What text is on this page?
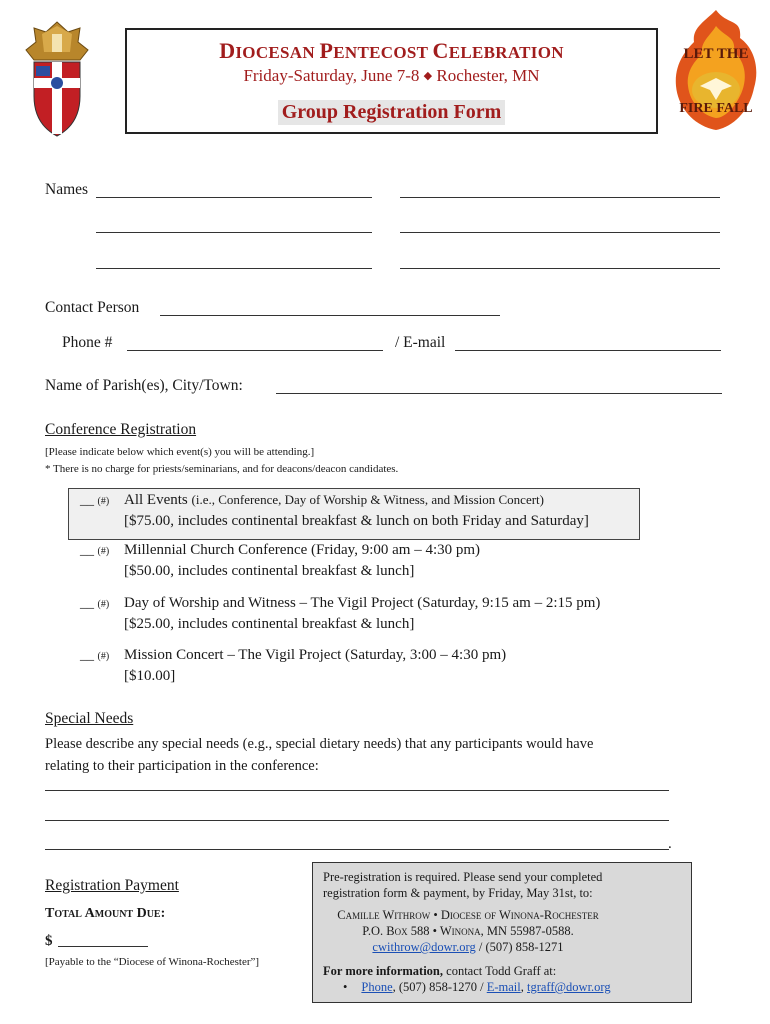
DIOCESAN PENTECOST CELEBRATION
Friday-Saturday, June 7-8 ◆ Rochester, MN
Group Registration Form
LET THE
FIRE FALL
Names
Contact Person
Phone #	/ E-mail
Name of Parish(es), City/Town:
Conference Registration
[Please indicate below which event(s) you will be attending.]
* There is no charge for priests/seminarians, and for deacons/deacon candidates.
__ (#) All Events (i.e., Conference, Day of Worship & Witness, and Mission Concert)
[$75.00, includes continental breakfast & lunch on both Friday and Saturday]
__ (#) Millennial Church Conference (Friday, 9:00 am – 4:30 pm)
[$50.00, includes continental breakfast & lunch]
__ (#) Day of Worship and Witness – The Vigil Project (Saturday, 9:15 am – 2:15 pm)
[$25.00, includes continental breakfast & lunch]
__ (#) Mission Concert – The Vigil Project (Saturday, 3:00 – 4:30 pm)
[$10.00]
Special Needs
Please describe any special needs (e.g., special dietary needs) that any participants would have
relating to their participation in the conference:
.
Registration Payment
Total Amount Due:
$
[Payable to the “Diocese of Winona-Rochester”]
Pre-registration is required. Please send your completed
registration form & payment, by Friday, May 31st, to:
Camille Withrow • Diocese of Winona-Rochester
P.O. Box 588 • Winona, MN 55987-0588.
cwithrow@dowr.org / (507) 858-1271
For more information, contact Todd Graff at:
• Phone, (507) 858-1270 / E-mail, tgraff@dowr.org
